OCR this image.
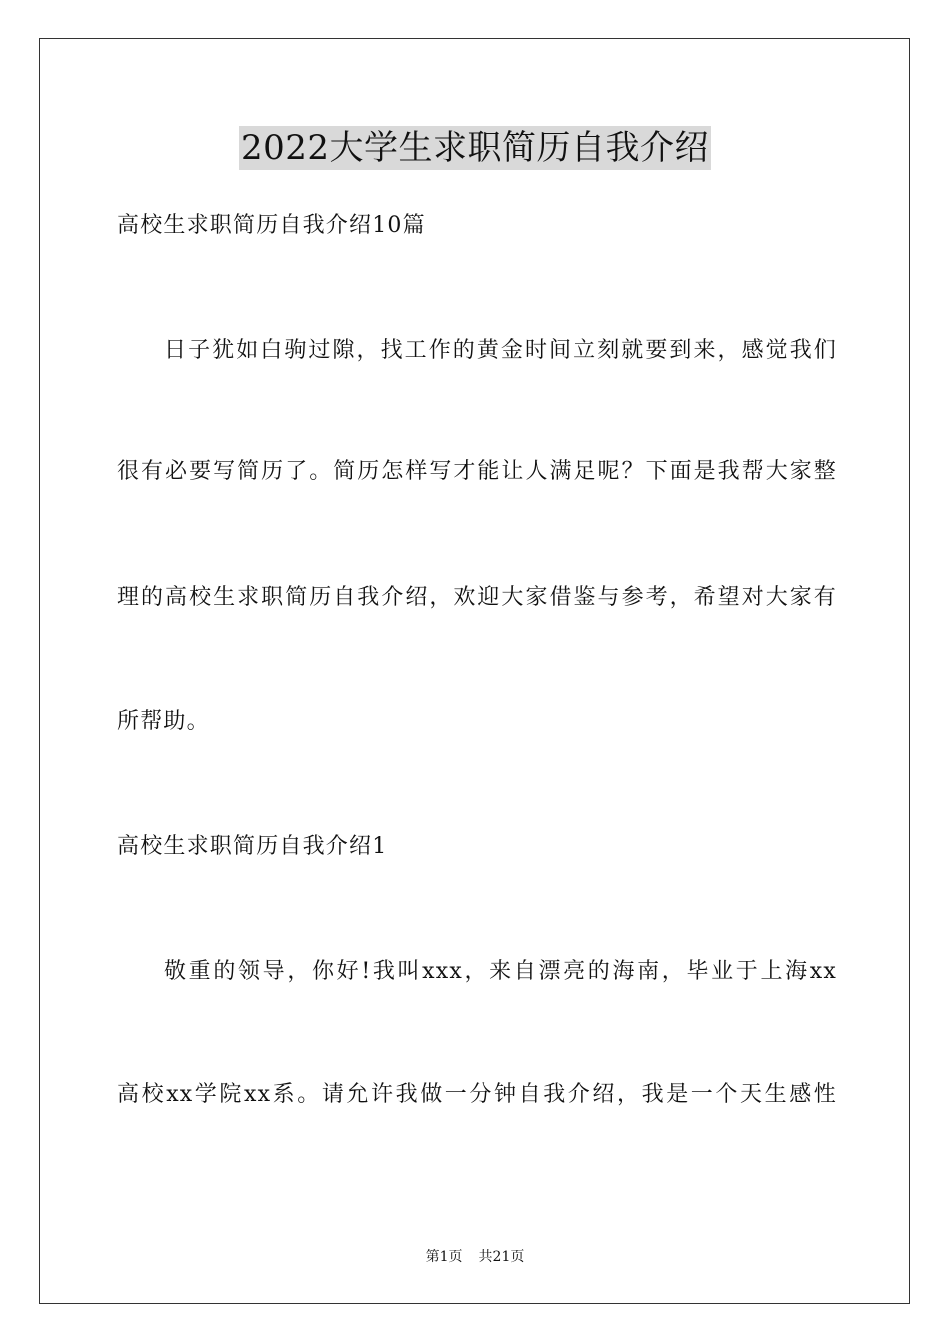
2022大学生求职简历自我介绍
高校生求职简历自我介绍10篇
日子犹如白驹过隙，找工作的黄金时间立刻就要到来，感觉我们
很有必要写简历了。简历怎样写才能让人满足呢？下面是我帮大家整
理的高校生求职简历自我介绍，欢迎大家借鉴与参考，希望对大家有
所帮助。
高校生求职简历自我介绍1
敬重的领导，你好!我叫xxx，来自漂亮的海南，毕业于上海xx
高校xx学院xx系。请允许我做一分钟自我介绍，我是一个天生感性
第1页 共21页
